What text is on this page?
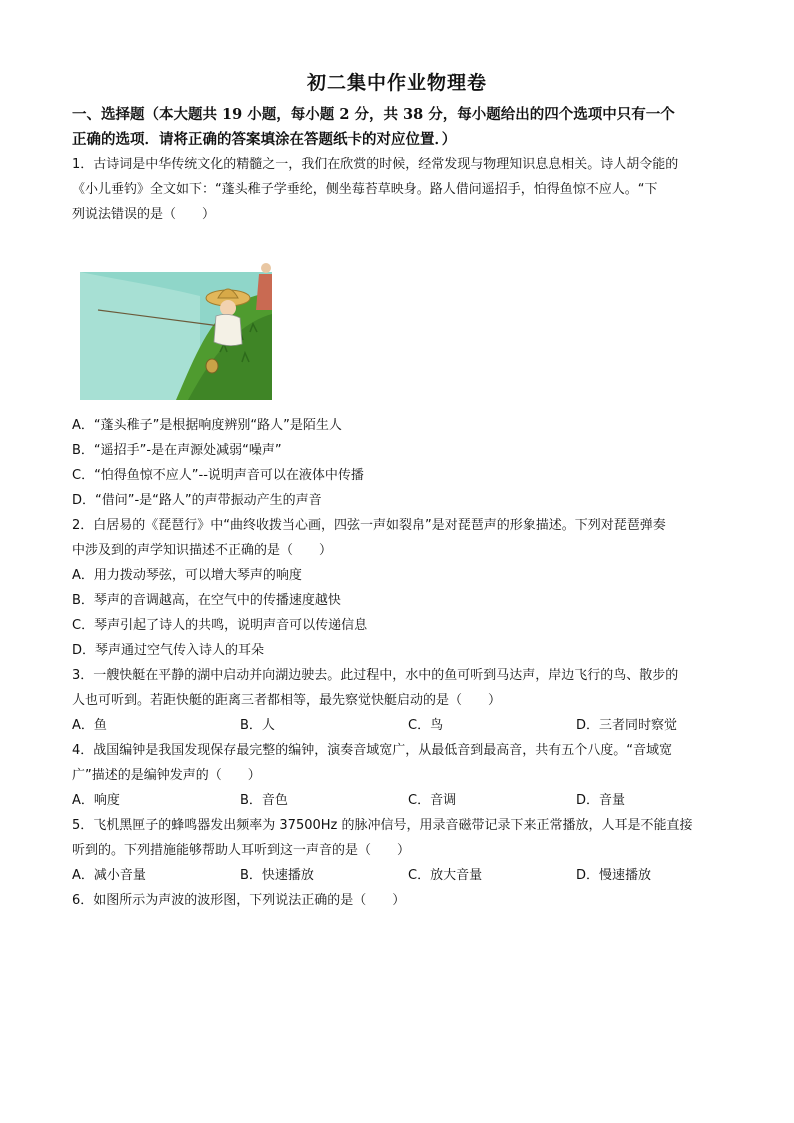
初二集中作业物理卷
一、选择题（本大题共 19 小题，每小题 2 分，共 38 分，每小题给出的四个选项中只有一个
正确的选项．请将正确的答案填涂在答题纸卡的对应位置．）
1．古诗词是中华传统文化的精髓之一，我们在欣赏的时候，经常发现与物理知识息息相关。诗人胡令能的
《小儿垂钓》全文如下：“蓬头稚子学垂纶，侧坐莓苔草映身。路人借问遥招手，怕得鱼惊不应人。“下
列说法错误的是（　　）
A．“蓬头稚子”是根据响度辨别“路人”是陌生人
B．“遥招手”-是在声源处减弱“噪声”
C．“怕得鱼惊不应人”--说明声音可以在液体中传播
D．“借问”-是“路人”的声带振动产生的声音
2．白居易的《琵琶行》中“曲终收拨当心画，四弦一声如裂帛”是对琵琶声的形象描述。下列对琵琶弹奏
中涉及到的声学知识描述不正确的是（　　）
A．用力拨动琴弦，可以增大琴声的响度
B．琴声的音调越高，在空气中的传播速度越快
C．琴声引起了诗人的共鸣，说明声音可以传递信息
D．琴声通过空气传入诗人的耳朵
3．一艘快艇在平静的湖中启动并向湖边驶去。此过程中，水中的鱼可听到马达声，岸边飞行的鸟、散步的
人也可听到。若距快艇的距离三者都相等，最先察觉快艇启动的是（　　）
A．鱼	B．人	C．鸟	D．三者同时察觉
4．战国编钟是我国发现保存最完整的编钟，演奏音域宽广，从最低音到最高音，共有五个八度。“音域宽
广”描述的是编钟发声的（　　）
A．响度	B．音色	C．音调	D．音量
5．飞机黑匣子的蜂鸣器发出频率为 37500Hz 的脉冲信号，用录音磁带记录下来正常播放，人耳是不能直接
听到的。下列措施能够帮助人耳听到这一声音的是（　　）
A．减小音量	B．快速播放	C．放大音量	D．慢速播放
6．如图所示为声波的波形图，下列说法正确的是（　　）
